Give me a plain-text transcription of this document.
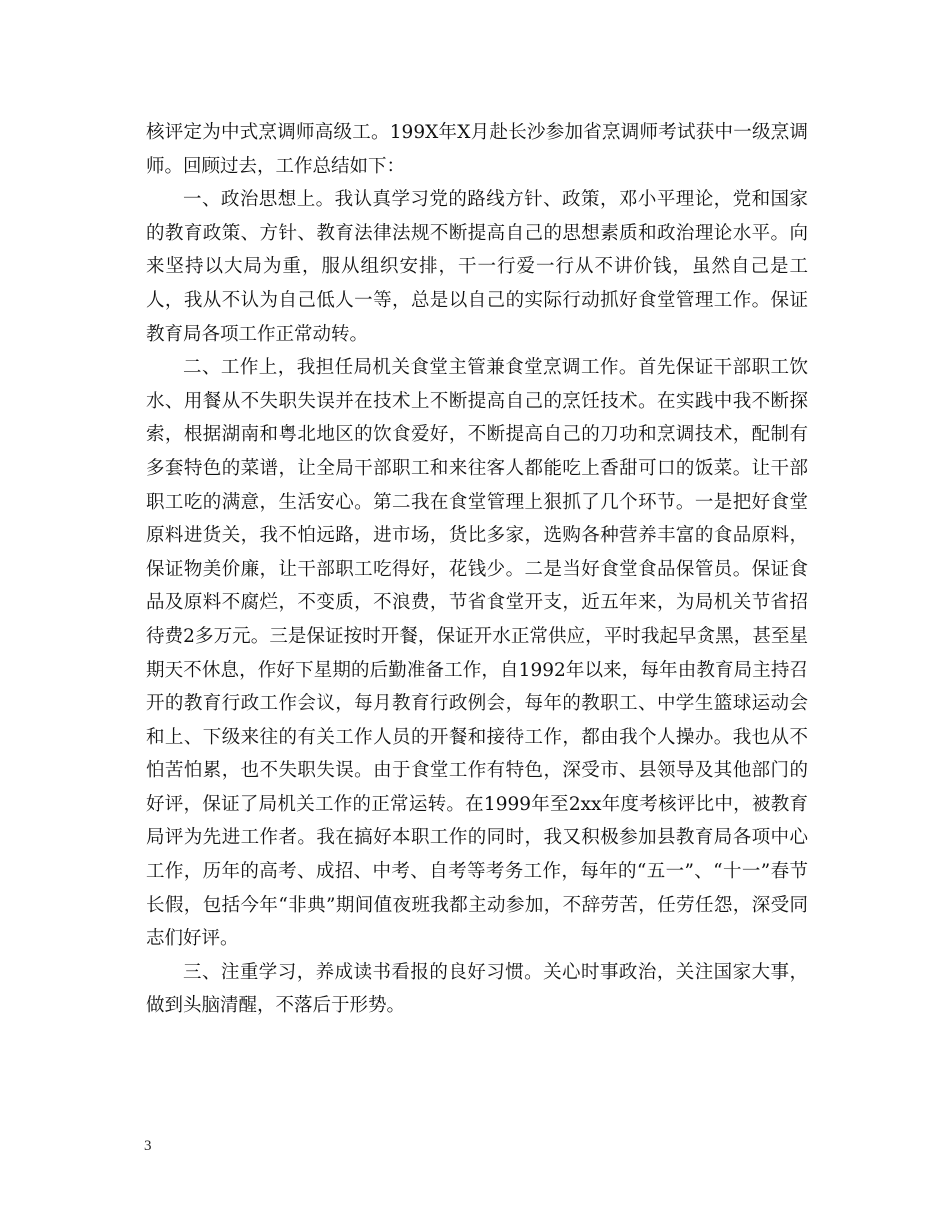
核评定为中式烹调师高级工。199X年X月赴长沙参加省烹调师考试获中一级烹调师。回顾过去，工作总结如下：

一、政治思想上。我认真学习党的路线方针、政策，邓小平理论，党和国家的教育政策、方针、教育法律法规不断提高自己的思想素质和政治理论水平。向来坚持以大局为重，服从组织安排，干一行爱一行从不讲价钱，虽然自己是工人，我从不认为自己低人一等，总是以自己的实际行动抓好食堂管理工作。保证教育局各项工作正常动转。

二、工作上，我担任局机关食堂主管兼食堂烹调工作。首先保证干部职工饮水、用餐从不失职失误并在技术上不断提高自己的烹饪技术。在实践中我不断探索，根据湖南和粤北地区的饮食爱好，不断提高自己的刀功和烹调技术，配制有多套特色的菜谱，让全局干部职工和来往客人都能吃上香甜可口的饭菜。让干部职工吃的满意，生活安心。第二我在食堂管理上狠抓了几个环节。一是把好食堂原料进货关，我不怕远路，进市场，货比多家，选购各种营养丰富的食品原料，保证物美价廉，让干部职工吃得好，花钱少。二是当好食堂食品保管员。保证食品及原料不腐烂，不变质，不浪费，节省食堂开支，近五年来，为局机关节省招待费2多万元。三是保证按时开餐，保证开水正常供应，平时我起早贪黑，甚至星期天不休息，作好下星期的后勤准备工作，自1992年以来，每年由教育局主持召开的教育行政工作会议，每月教育行政例会，每年的教职工、中学生篮球运动会和上、下级来往的有关工作人员的开餐和接待工作，都由我个人操办。我也从不怕苦怕累，也不失职失误。由于食堂工作有特色，深受市、县领导及其他部门的好评，保证了局机关工作的正常运转。在1999年至2xx年度考核评比中，被教育局评为先进工作者。我在搞好本职工作的同时，我又积极参加县教育局各项中心工作，历年的高考、成招、中考、自考等考务工作，每年的“五一”、“十一”春节长假，包括今年“非典”期间值夜班我都主动参加，不辞劳苦，任劳任怨，深受同志们好评。

三、注重学习，养成读书看报的良好习惯。关心时事政治，关注国家大事，做到头脑清醒，不落后于形势。

3
